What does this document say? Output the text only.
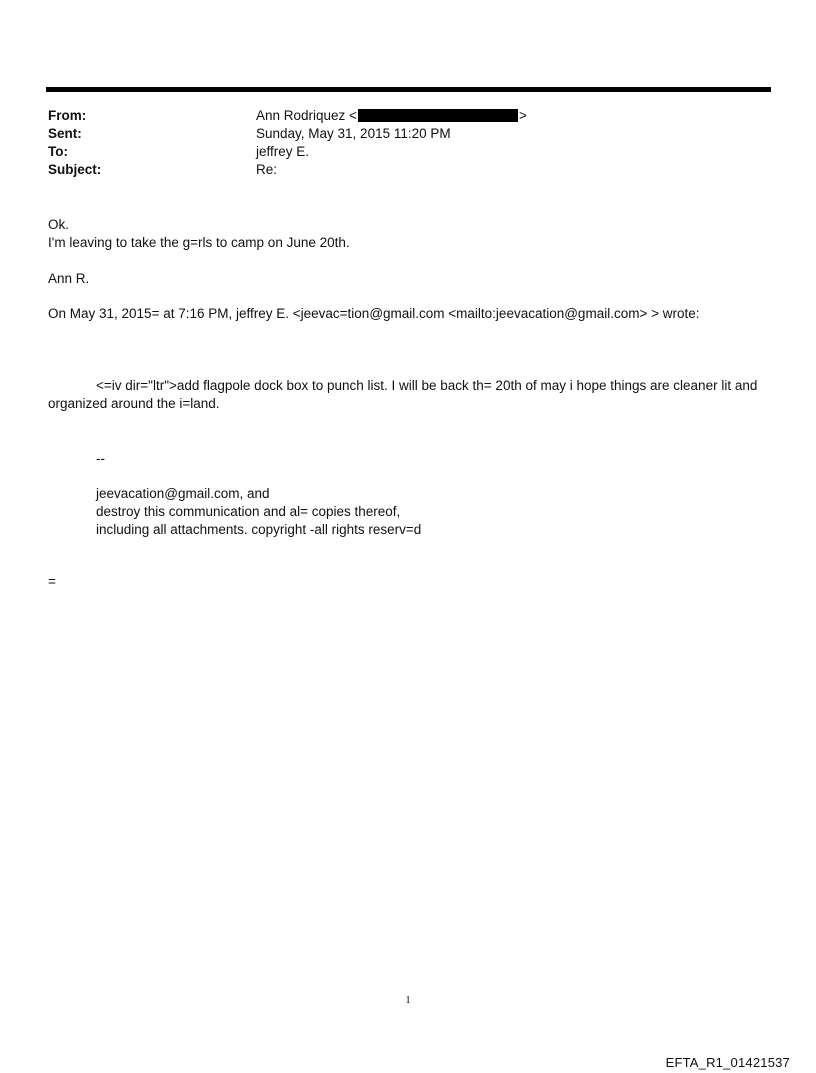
From:	Ann Rodriquez <	>
Sent:	Sunday, May 31, 2015 11:20 PM
To:	jeffrey E.
Subject:	Re:
Ok.
I'm leaving to take the g=rls to camp on June 20th.
Ann R.
On May 31, 2015= at 7:16 PM, jeffrey E. <jeevac=tion@gmail.com <mailto:jeevacation@gmail.com> > wrote:
<=iv dir="ltr">add flagpole dock box to punch list. I will be back th= 20th of may i hope things are cleaner lit and organized around the i=land.
--
jeevacation@gmail.com, and
destroy this communication and al= copies thereof,
including all attachments. copyright -all rights reserv=d
=
1
EFTA_R1_01421537
